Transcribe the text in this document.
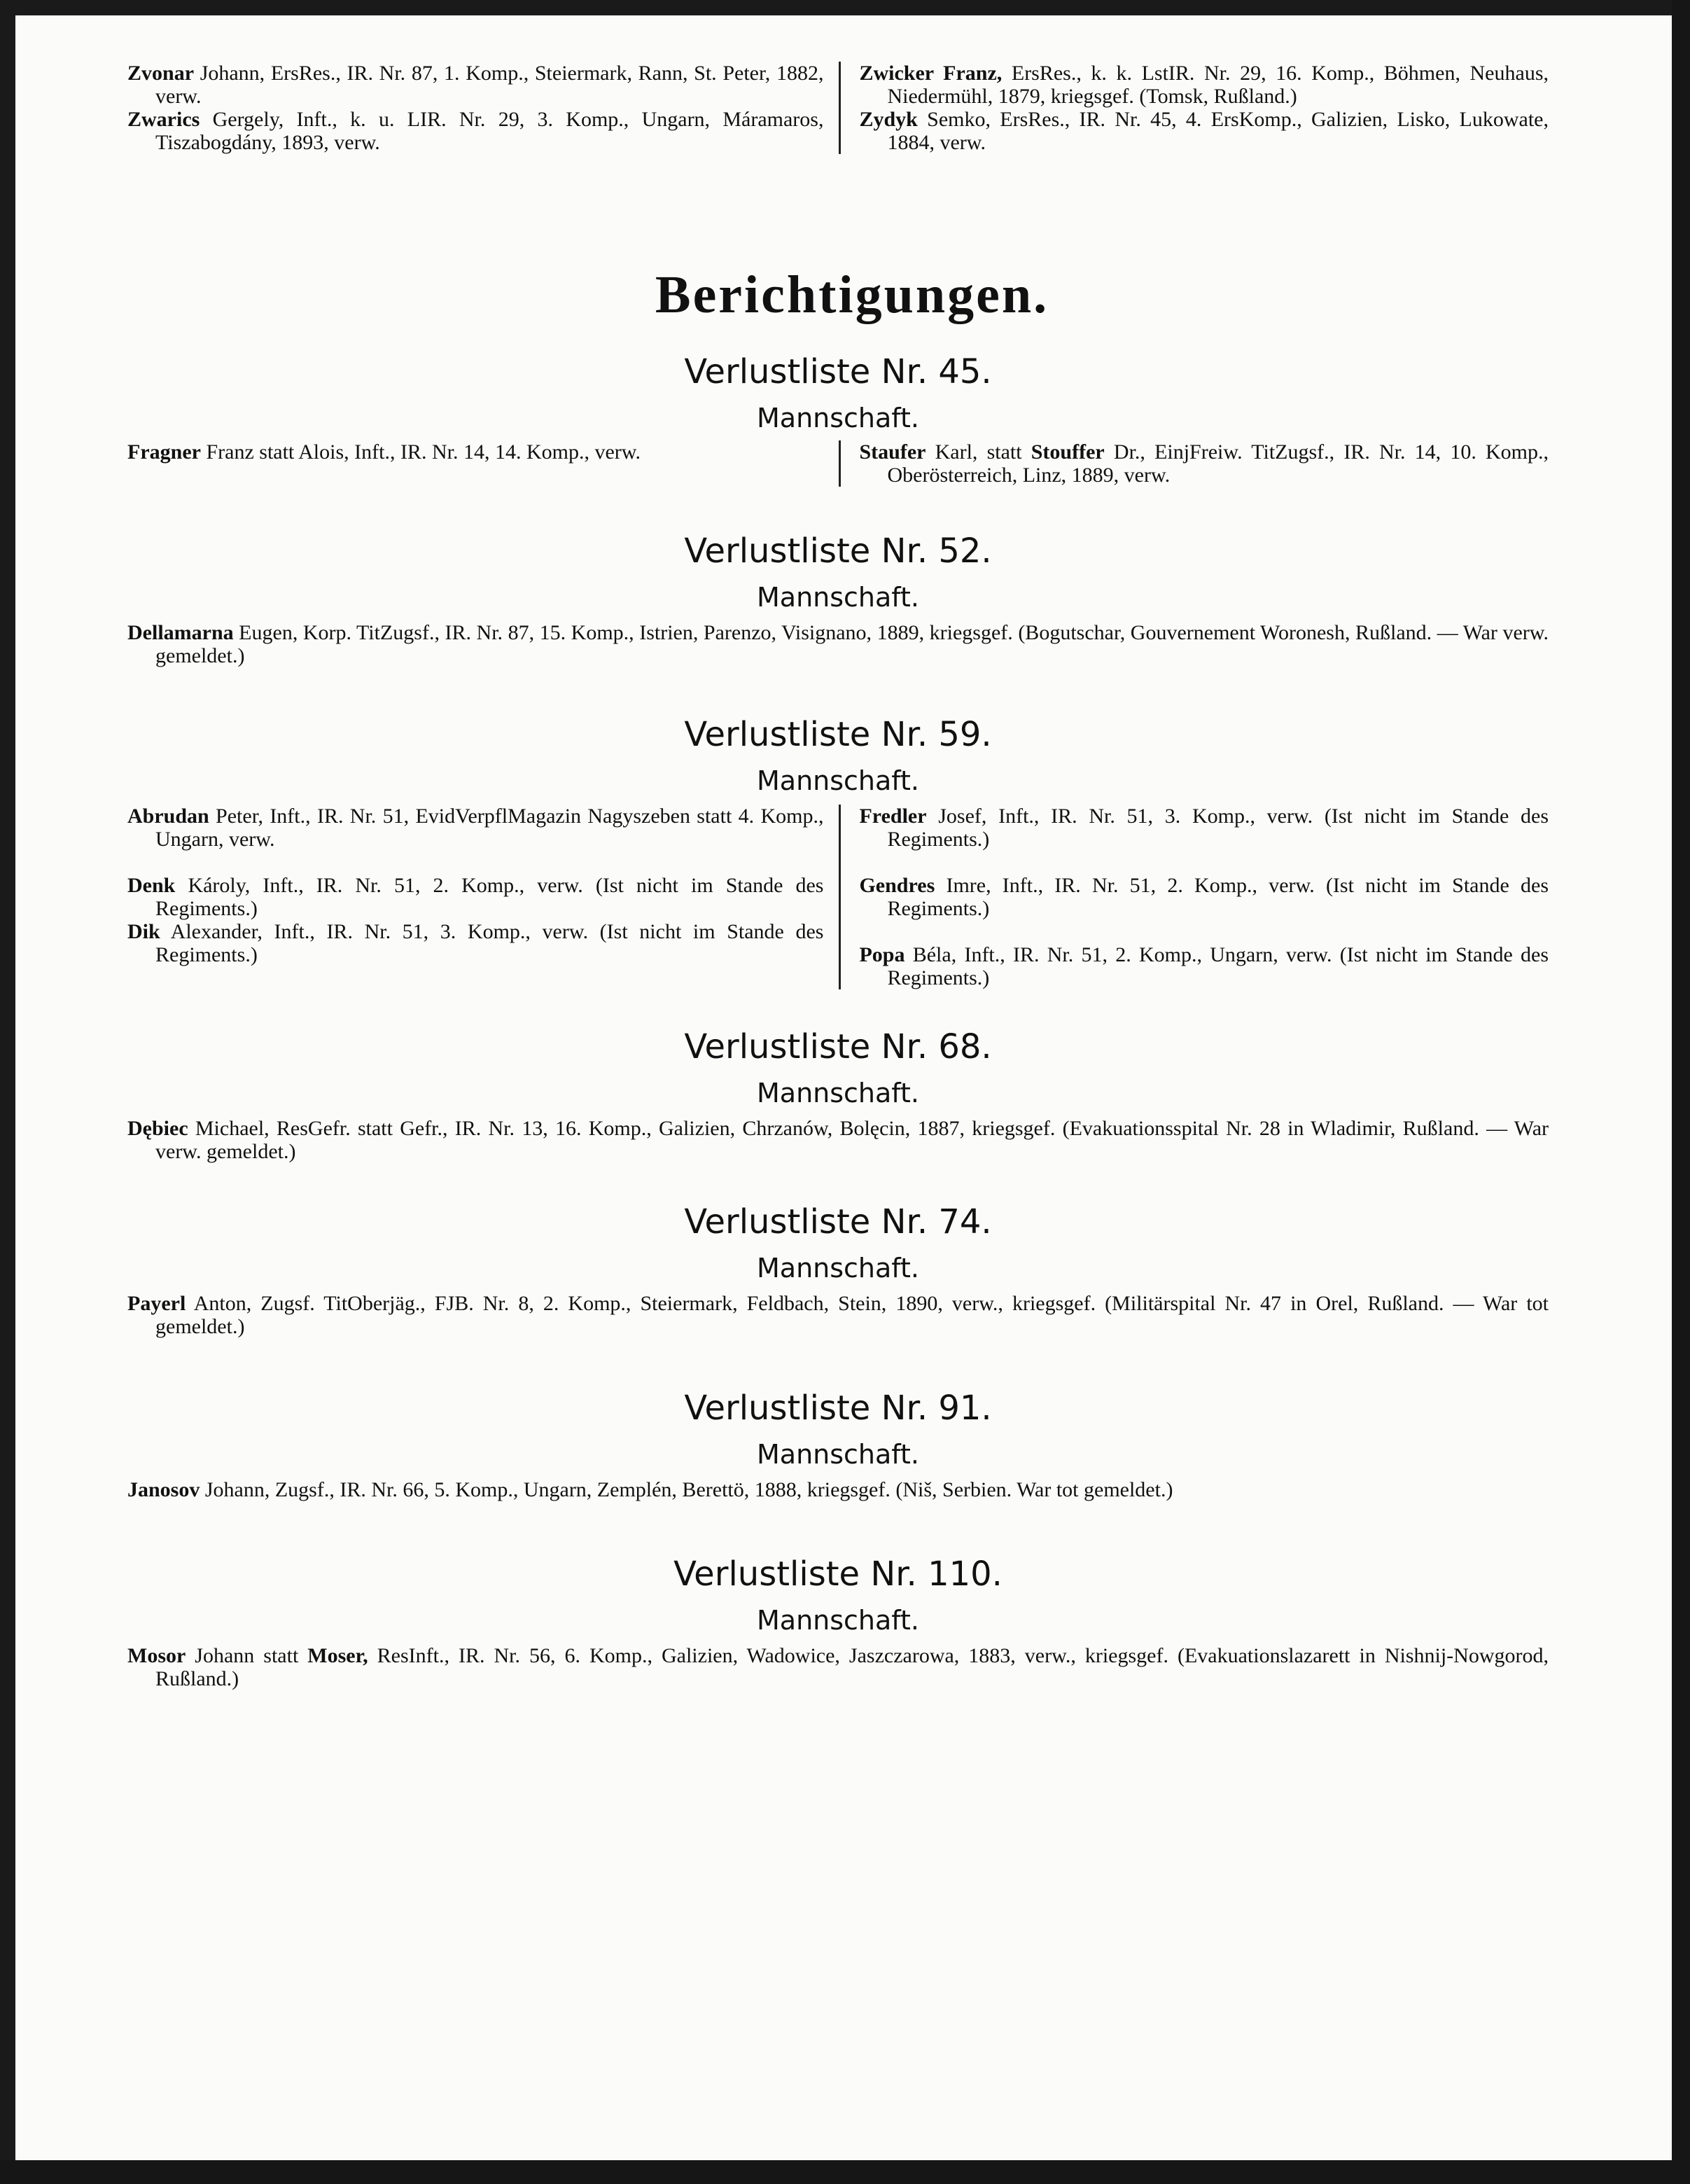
Zvonar Johann, ErsRes., IR. Nr. 87, 1. Komp., Steiermark, Rann, St. Peter, 1882, verw.

Zwarics Gergely, Inft., k. u. LIR. Nr. 29, 3. Komp., Ungarn, Máramaros, Tiszabogdány, 1893, verw.

Zwicker Franz, ErsRes., k. k. LstIR. Nr. 29, 16. Komp., Böhmen, Neuhaus, Niedermühl, 1879, kriegsgef. (Tomsk, Rußland.)

Zydyk Semko, ErsRes., IR. Nr. 45, 4. ErsKomp., Galizien, Lisko, Lukowate, 1884, verw.

Berichtigungen.
Verlustliste Nr. 45.
Mannschaft.

Fragner Franz statt Alois, Inft., IR. Nr. 14, 14. Komp., verw.	Staufer Karl, statt Stouffer Dr., EinjFreiw. TitZugsf., IR. Nr. 14, 10. Komp., Oberösterreich, Linz, 1889, verw.

Verlustliste Nr. 52.
Mannschaft.

Dellamarna Eugen, Korp. TitZugsf., IR. Nr. 87, 15. Komp., Istrien, Parenzo, Visignano, 1889, kriegsgef. (Bogutschar, Gouvernement Woronesh, Rußland. — War verw. gemeldet.)

Verlustliste Nr. 59.
Mannschaft.

Abrudan Peter, Inft., IR. Nr. 51, EvidVerpflMagazin Nagyszeben statt 4. Komp., Ungarn, verw.

Denk Károly, Inft., IR. Nr. 51, 2. Komp., verw. (Ist nicht im Stande des Regiments.)

Dik Alexander, Inft., IR. Nr. 51, 3. Komp., verw. (Ist nicht im Stande des Regiments.)

Fredler Josef, Inft., IR. Nr. 51, 3. Komp., verw. (Ist nicht im Stande des Regiments.)

Gendres Imre, Inft., IR. Nr. 51, 2. Komp., verw. (Ist nicht im Stande des Regiments.)

Popa Béla, Inft., IR. Nr. 51, 2. Komp., Ungarn, verw. (Ist nicht im Stande des Regiments.)

Verlustliste Nr. 68.
Mannschaft.

Dębiec Michael, ResGefr. statt Gefr., IR. Nr. 13, 16. Komp., Galizien, Chrzanów, Bolęcin, 1887, kriegsgef. (Evakuationsspital Nr. 28 in Wladimir, Rußland. — War verw. gemeldet.)

Verlustliste Nr. 74.
Mannschaft.

Payerl Anton, Zugsf. TitOberjäg., FJB. Nr. 8, 2. Komp., Steiermark, Feldbach, Stein, 1890, verw., kriegsgef. (Militärspital Nr. 47 in Orel, Rußland. — War tot gemeldet.)

Verlustliste Nr. 91.
Mannschaft.

Janosov Johann, Zugsf., IR. Nr. 66, 5. Komp., Ungarn, Zemplén, Berettö, 1888, kriegsgef. (Niš, Serbien. War tot gemeldet.)

Verlustliste Nr. 110.
Mannschaft.

Mosor Johann statt Moser, ResInft., IR. Nr. 56, 6. Komp., Galizien, Wadowice, Jaszczarowa, 1883, verw., kriegsgef. (Evakuationslazarett in Nishnij-Nowgorod, Rußland.)
